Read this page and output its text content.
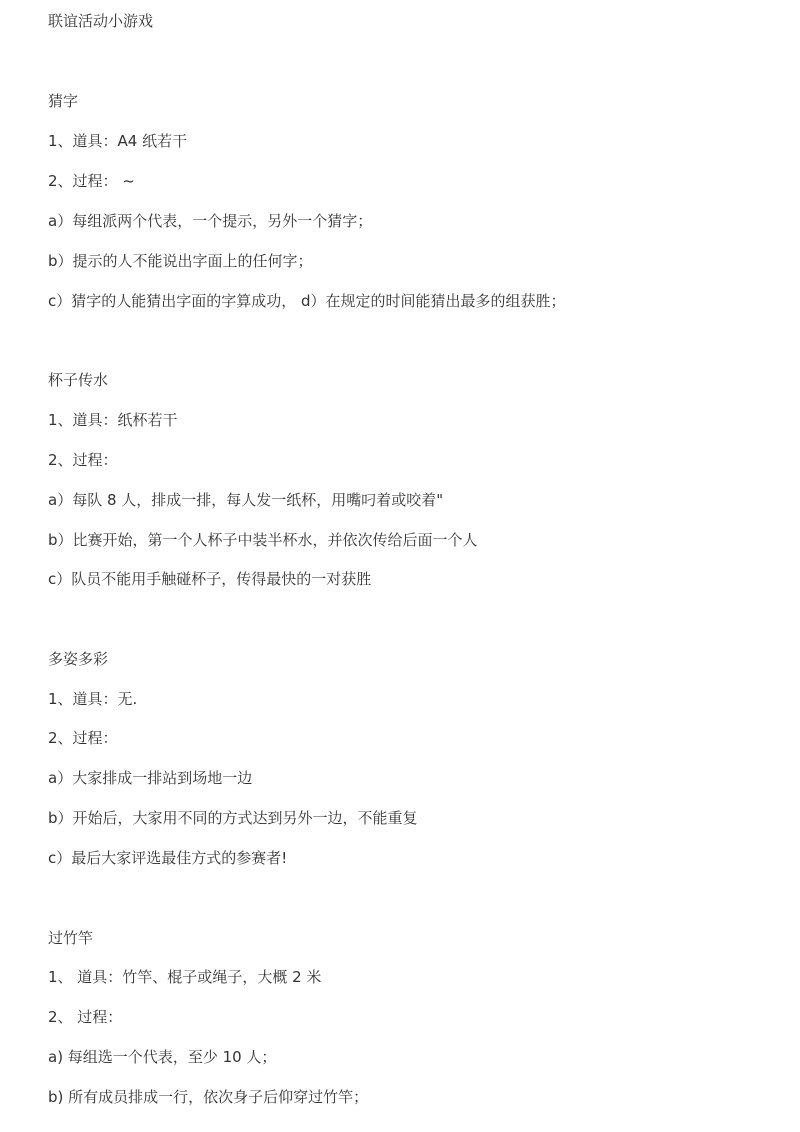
联谊活动小游戏
猜字
1、道具：A4 纸若干
2、过程： ~
a）每组派两个代表，一个提示，另外一个猜字；
b）提示的人不能说出字面上的任何字；
c）猜字的人能猜出字面的字算成功， d）在规定的时间能猜出最多的组获胜；
杯子传水
1、道具：纸杯若干
2、过程：
a）每队 8 人，排成一排，每人发一纸杯，用嘴叼着或咬着"
b）比赛开始，第一个人杯子中装半杯水，并依次传给后面一个人
c）队员不能用手触碰杯子，传得最快的一对获胜
多姿多彩
1、道具：无.
2、过程：
a）大家排成一排站到场地一边
b）开始后，大家用不同的方式达到另外一边，不能重复
c）最后大家评选最佳方式的参赛者!
过竹竿
1、 道具：竹竿、棍子或绳子，大概 2 米
2、 过程：
a) 每组选一个代表，至少 10 人；
b) 所有成员排成一行，依次身子后仰穿过竹竿；
